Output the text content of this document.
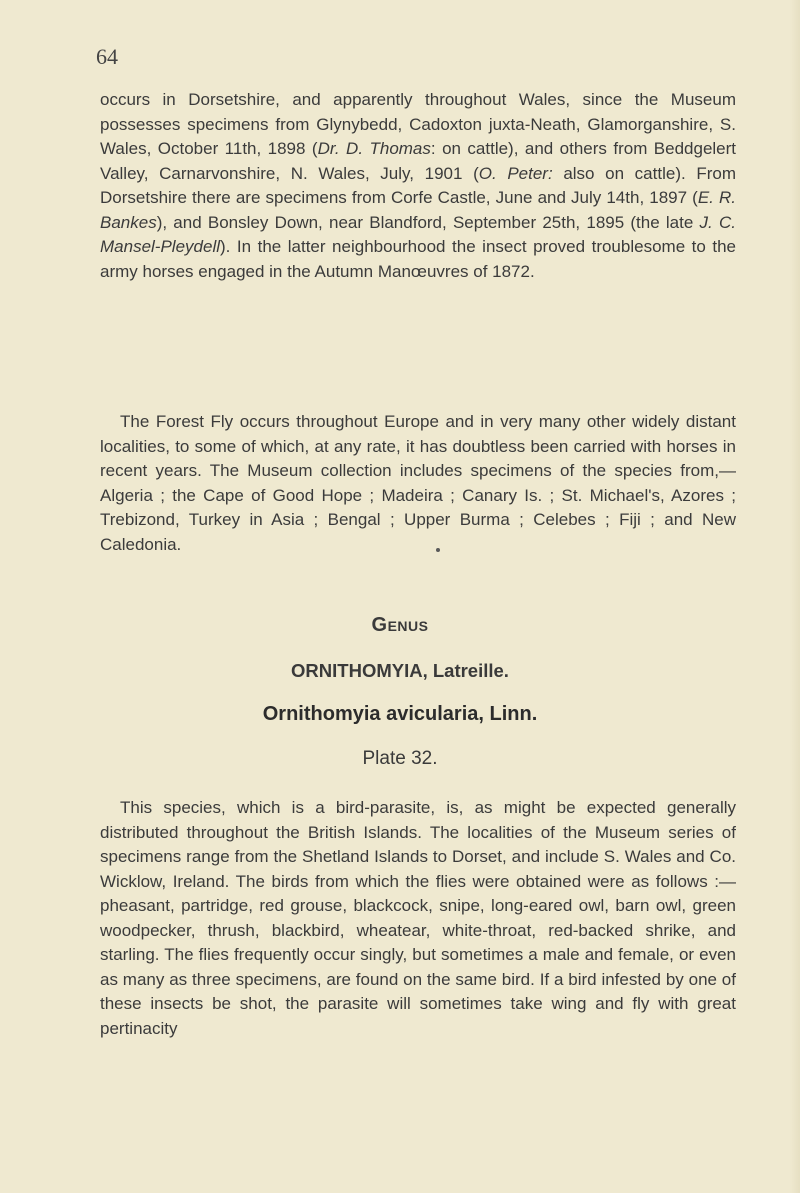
64

occurs in Dorsetshire, and apparently throughout Wales, since the Museum possesses specimens from Glynybedd, Cadoxton juxta-Neath, Glamorganshire, S. Wales, October 11th, 1898 (Dr. D. Thomas: on cattle), and others from Beddgelert Valley, Carnarvonshire, N. Wales, July, 1901 (O. Peter: also on cattle). From Dorsetshire there are specimens from Corfe Castle, June and July 14th, 1897 (E. R. Bankes), and Bonsley Down, near Blandford, September 25th, 1895 (the late J. C. Mansel-Pleydell). In the latter neighbourhood the insect proved troublesome to the army horses engaged in the Autumn Manœuvres of 1872.

The Forest Fly occurs throughout Europe and in very many other widely distant localities, to some of which, at any rate, it has doubtless been carried with horses in recent years. The Museum collection includes specimens of the species from,—Algeria ; the Cape of Good Hope ; Madeira ; Canary Is. ; St. Michael's, Azores ; Trebizond, Turkey in Asia ; Bengal ; Upper Burma ; Celebes ; Fiji ; and New Caledonia.

Genus
ORNITHOMYIA, Latreille.
Ornithomyia avicularia, Linn.

Plate 32.

This species, which is a bird-parasite, is, as might be expected generally distributed throughout the British Islands. The localities of the Museum series of specimens range from the Shetland Islands to Dorset, and include S. Wales and Co. Wicklow, Ireland. The birds from which the flies were obtained were as follows :—pheasant, partridge, red grouse, blackcock, snipe, long-eared owl, barn owl, green woodpecker, thrush, blackbird, wheatear, white-throat, red-backed shrike, and starling. The flies frequently occur singly, but sometimes a male and female, or even as many as three specimens, are found on the same bird. If a bird infested by one of these insects be shot, the parasite will sometimes take wing and fly with great pertinacity
